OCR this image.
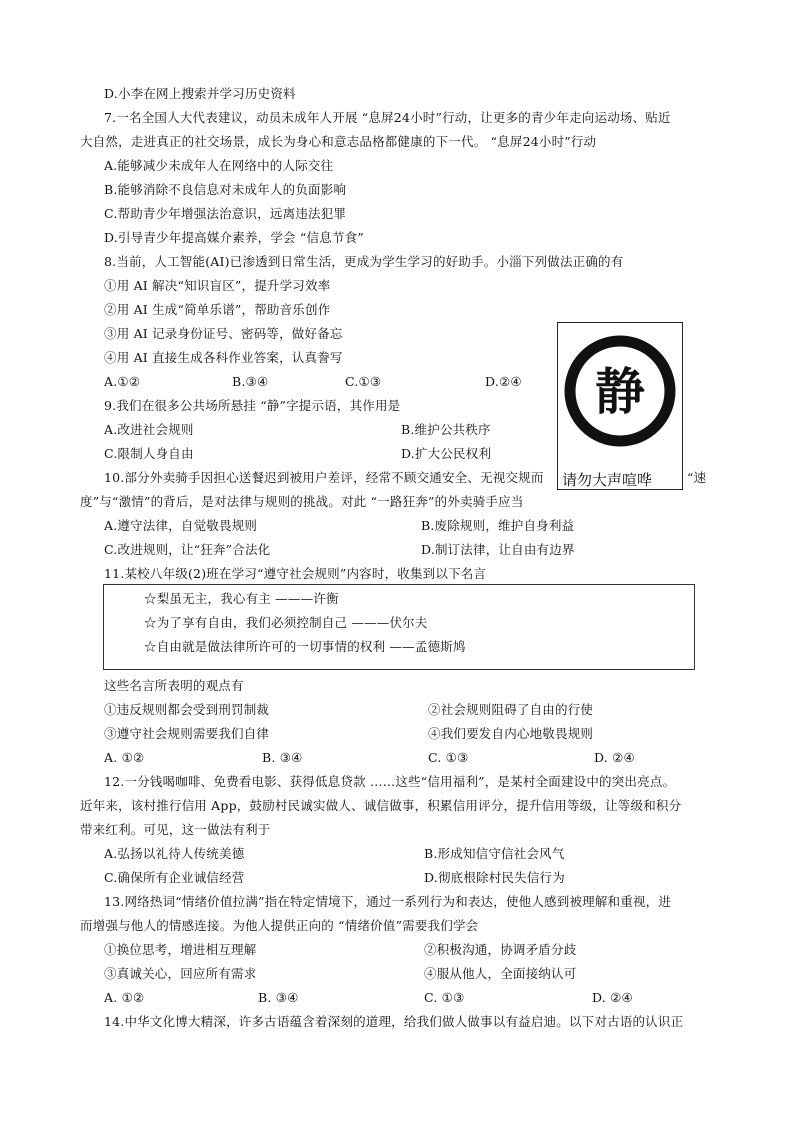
D.小李在网上搜索并学习历史资料
7.一名全国人大代表建议，动员未成年人开展 “息屏24小时”行动，让更多的青少年走向运动场、贴近
大自然，走进真正的社交场景，成长为身心和意志品格都健康的下一代。 “息屏24小时”行动
A.能够减少未成年人在网络中的人际交往
B.能够消除不良信息对未成年人的负面影响
C.帮助青少年增强法治意识，远离违法犯罪
D.引导青少年提高媒介素养，学会 “信息节食”
8.当前，人工智能(AI)已渗透到日常生活，更成为学生学习的好助手。小淄下列做法正确的有
①用 AI 解决“知识盲区”，提升学习效率
②用 AI 生成“简单乐谱”，帮助音乐创作
③用 AI 记录身份证号、密码等，做好备忘
④用 AI 直接生成各科作业答案，认真誊写
A.①②	B.③④	C.①③	D.②④
9.我们在很多公共场所悬挂 “静”字提示语，其作用是
A.改进社会规则	B.维护公共秩序
C.限制人身自由	D.扩大公民权利
10.部分外卖骑手因担心送餐迟到被用户差评，经常不顾交通安全、无视交规而	“速
度”与“激情”的背后，是对法律与规则的挑战。对此 “一路狂奔”的外卖骑手应当
A.遵守法律，自觉敬畏规则	B.废除规则，维护自身利益
C.改进规则，让“狂奔”合法化	D.制订法律，让自由有边界
静
请勿大声喧哗
11.某校八年级(2)班在学习“遵守社会规则”内容时，收集到以下名言
☆梨虽无主，我心有主 ———许衡
☆为了享有自由，我们必须控制自己 ———伏尔夫
☆自由就是做法律所许可的一切事情的权利 ——孟德斯鸠
这些名言所表明的观点有
①违反规则都会受到刑罚制裁	②社会规则阻碍了自由的行使
③遵守社会规则需要我们自律	④我们要发自内心地敬畏规则
A. ①②	B. ③④	C. ①③	D. ②④
12.一分钱喝咖啡、免费看电影、获得低息贷款 ……这些“信用福利”，是某村全面建设中的突出亮点。
近年来，该村推行信用 App，鼓励村民诚实做人、诚信做事，积累信用评分，提升信用等级，让等级和积分
带来红利。可见，这一做法有利于
A.弘扬以礼待人传统美德	B.形成知信守信社会风气
C.确保所有企业诚信经营	D.彻底根除村民失信行为
13.网络热词“情绪价值拉满”指在特定情境下，通过一系列行为和表达，使他人感到被理解和重视，进
而增强与他人的情感连接。为他人提供正向的 “情绪价值”需要我们学会
①换位思考，增进相互理解	②积极沟通，协调矛盾分歧
③真诚关心，回应所有需求	④服从他人，全面接纳认可
A. ①②	B. ③④	C. ①③	D. ②④
14.中华文化博大精深，许多古语蕴含着深刻的道理，给我们做人做事以有益启迪。以下对古语的认识正
